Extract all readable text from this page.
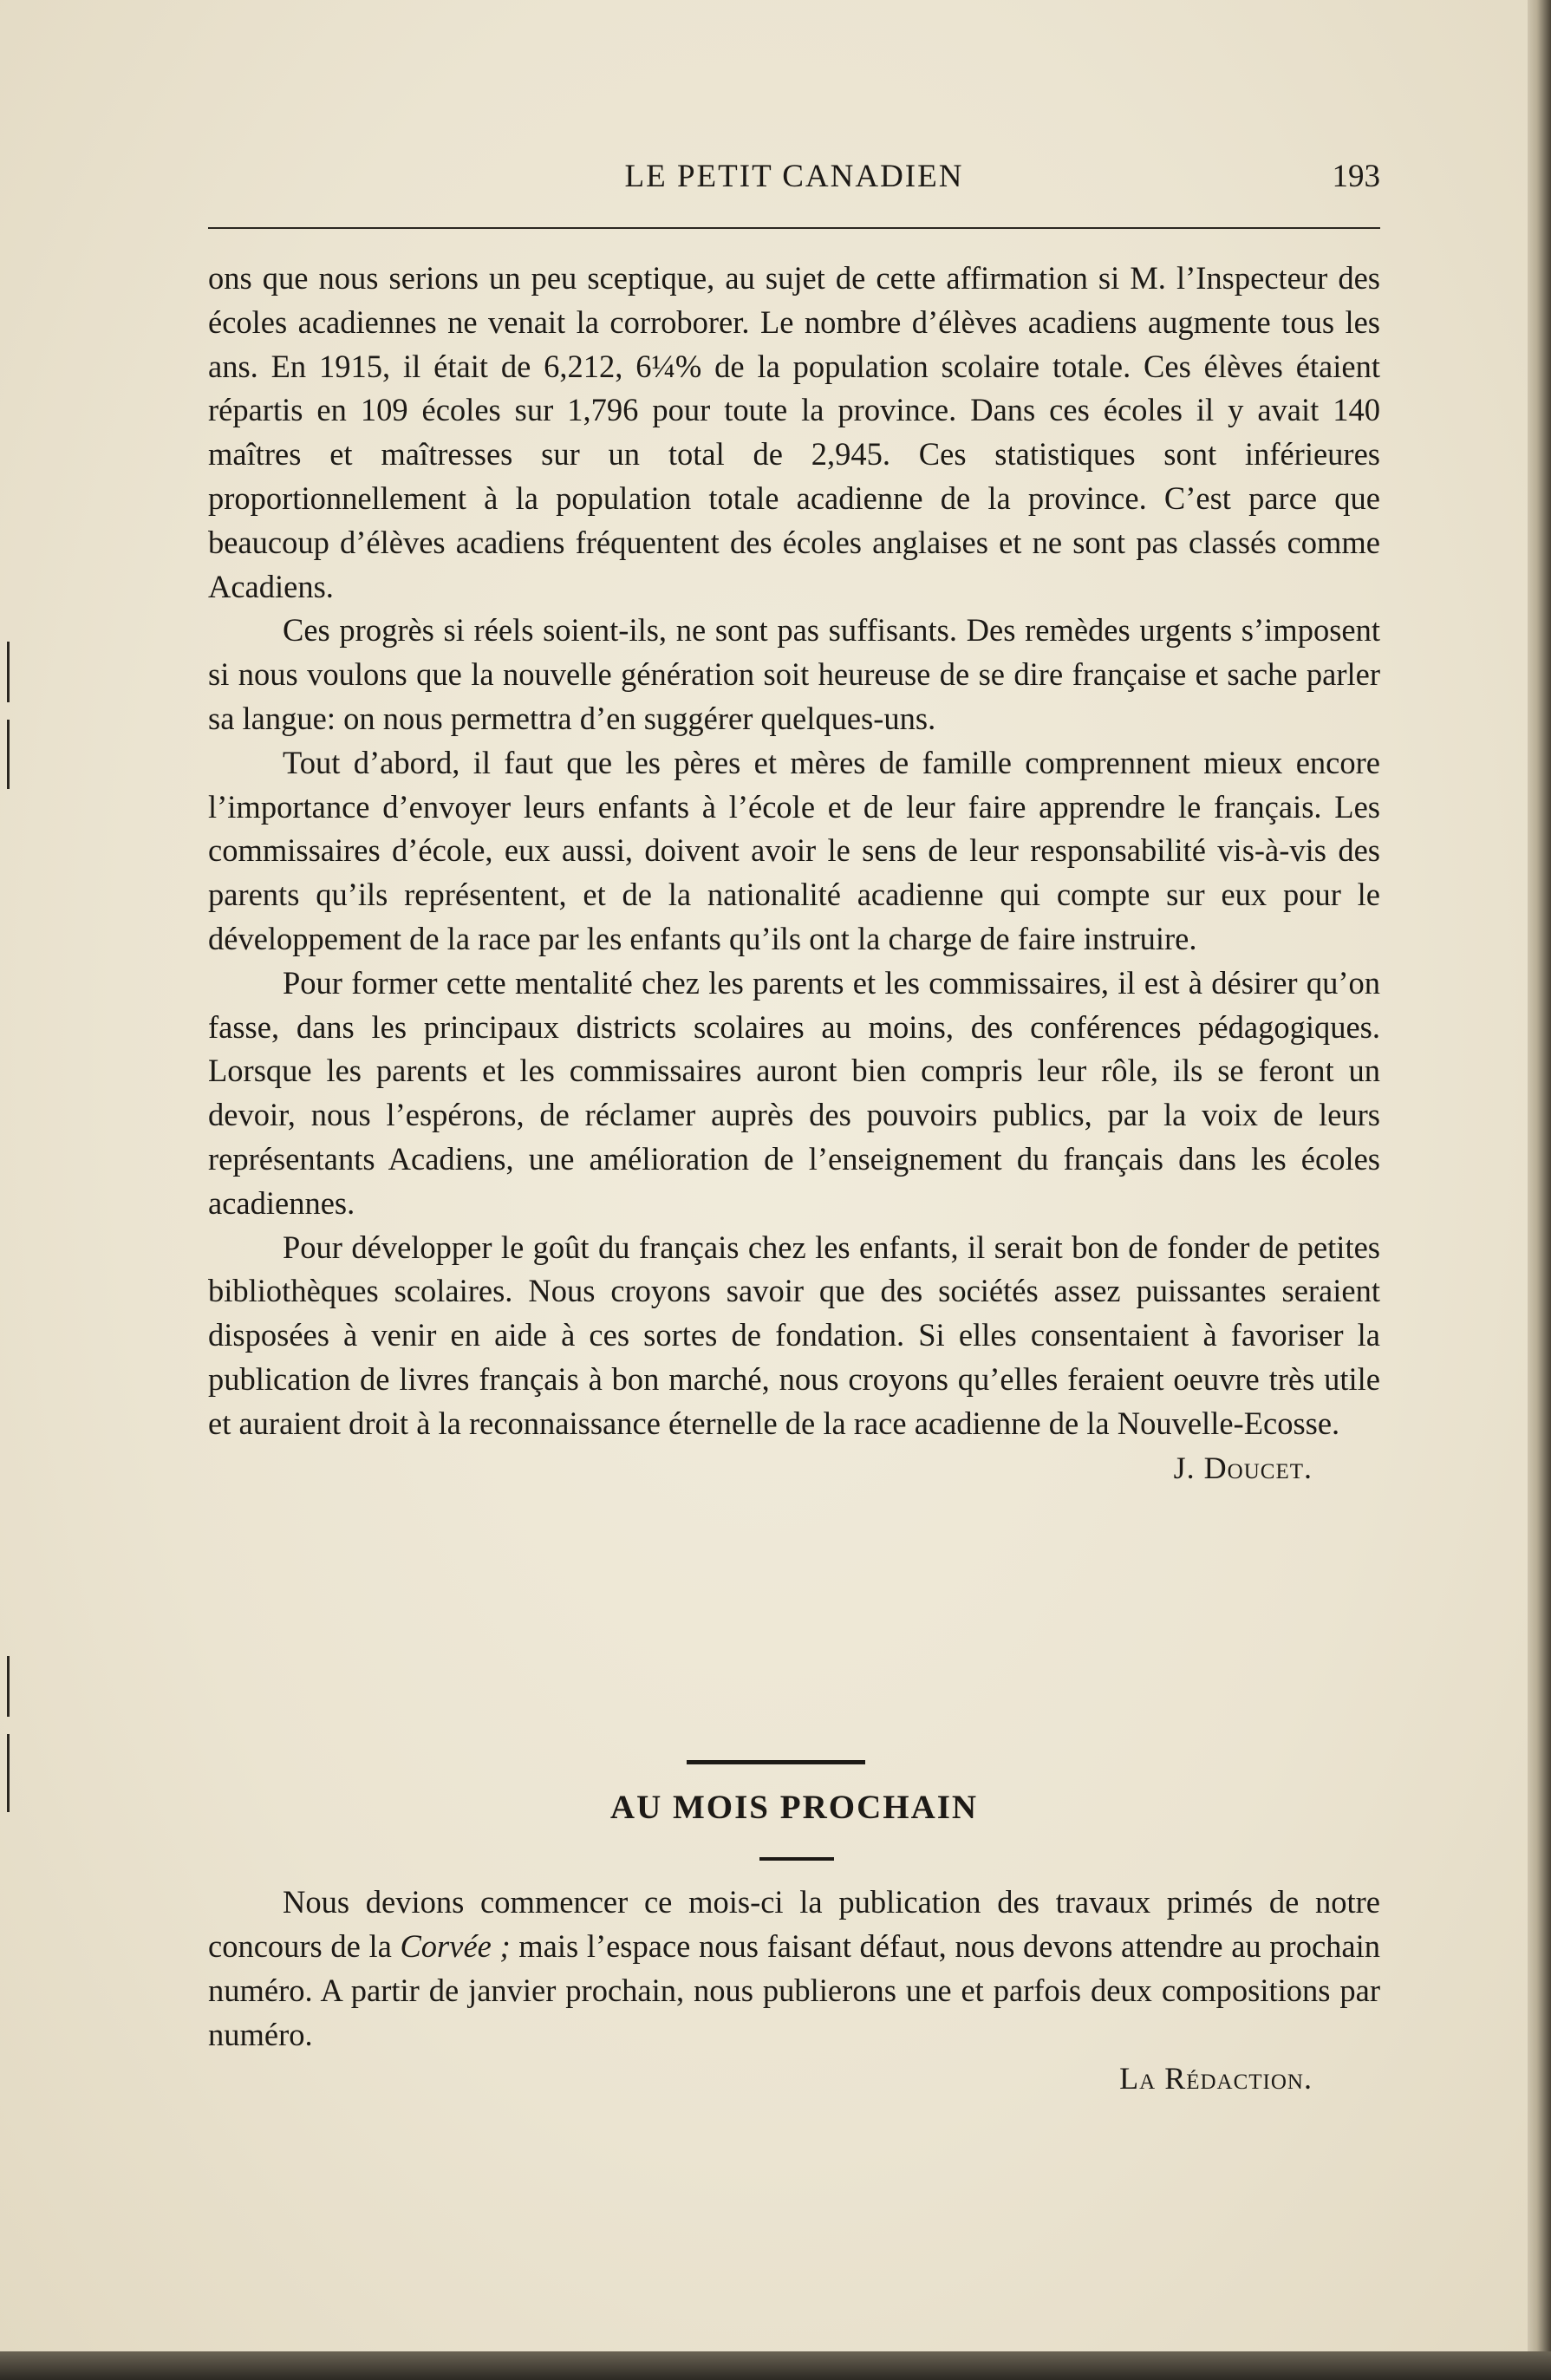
LE PETIT CANADIEN	193

ons que nous serions un peu sceptique, au sujet de cette affirmation si M. l’Inspecteur des écoles acadiennes ne venait la corroborer. Le nombre d’élèves acadiens augmente tous les ans. En 1915, il était de 6,212, 6¼% de la population scolaire totale. Ces élèves étaient répartis en 109 écoles sur 1,796 pour toute la province. Dans ces écoles il y avait 140 maîtres et maîtresses sur un total de 2,945. Ces statistiques sont inférieures proportionnellement à la population totale acadienne de la province. C’est parce que beaucoup d’élèves acadiens fréquentent des écoles anglaises et ne sont pas classés comme Acadiens.

Ces progrès si réels soient-ils, ne sont pas suffisants. Des remèdes urgents s’imposent si nous voulons que la nouvelle génération soit heureuse de se dire française et sache parler sa langue: on nous permettra d’en suggérer quelques-uns.

Tout d’abord, il faut que les pères et mères de famille comprennent mieux encore l’importance d’envoyer leurs enfants à l’école et de leur faire apprendre le français. Les commissaires d’école, eux aussi, doivent avoir le sens de leur responsabilité vis-à-vis des parents qu’ils représentent, et de la nationalité acadienne qui compte sur eux pour le développement de la race par les enfants qu’ils ont la charge de faire instruire.

Pour former cette mentalité chez les parents et les commissaires, il est à désirer qu’on fasse, dans les principaux districts scolaires au moins, des conférences pédagogiques. Lorsque les parents et les commissaires auront bien compris leur rôle, ils se feront un devoir, nous l’espérons, de réclamer auprès des pouvoirs publics, par la voix de leurs représentants Acadiens, une amélioration de l’enseignement du français dans les écoles acadiennes.

Pour développer le goût du français chez les enfants, il serait bon de fonder de petites bibliothèques scolaires. Nous croyons savoir que des sociétés assez puissantes seraient disposées à venir en aide à ces sortes de fondation. Si elles consentaient à favoriser la publication de livres français à bon marché, nous croyons qu’elles feraient oeuvre très utile et auraient droit à la reconnaissance éternelle de la race acadienne de la Nouvelle-Ecosse.

J. Doucet.

AU MOIS PROCHAIN

Nous devions commencer ce mois-ci la publication des travaux primés de notre concours de la Corvée ; mais l’espace nous faisant défaut, nous devons attendre au prochain numéro. A partir de janvier prochain, nous publierons une et parfois deux compositions par numéro.

La Rédaction.
